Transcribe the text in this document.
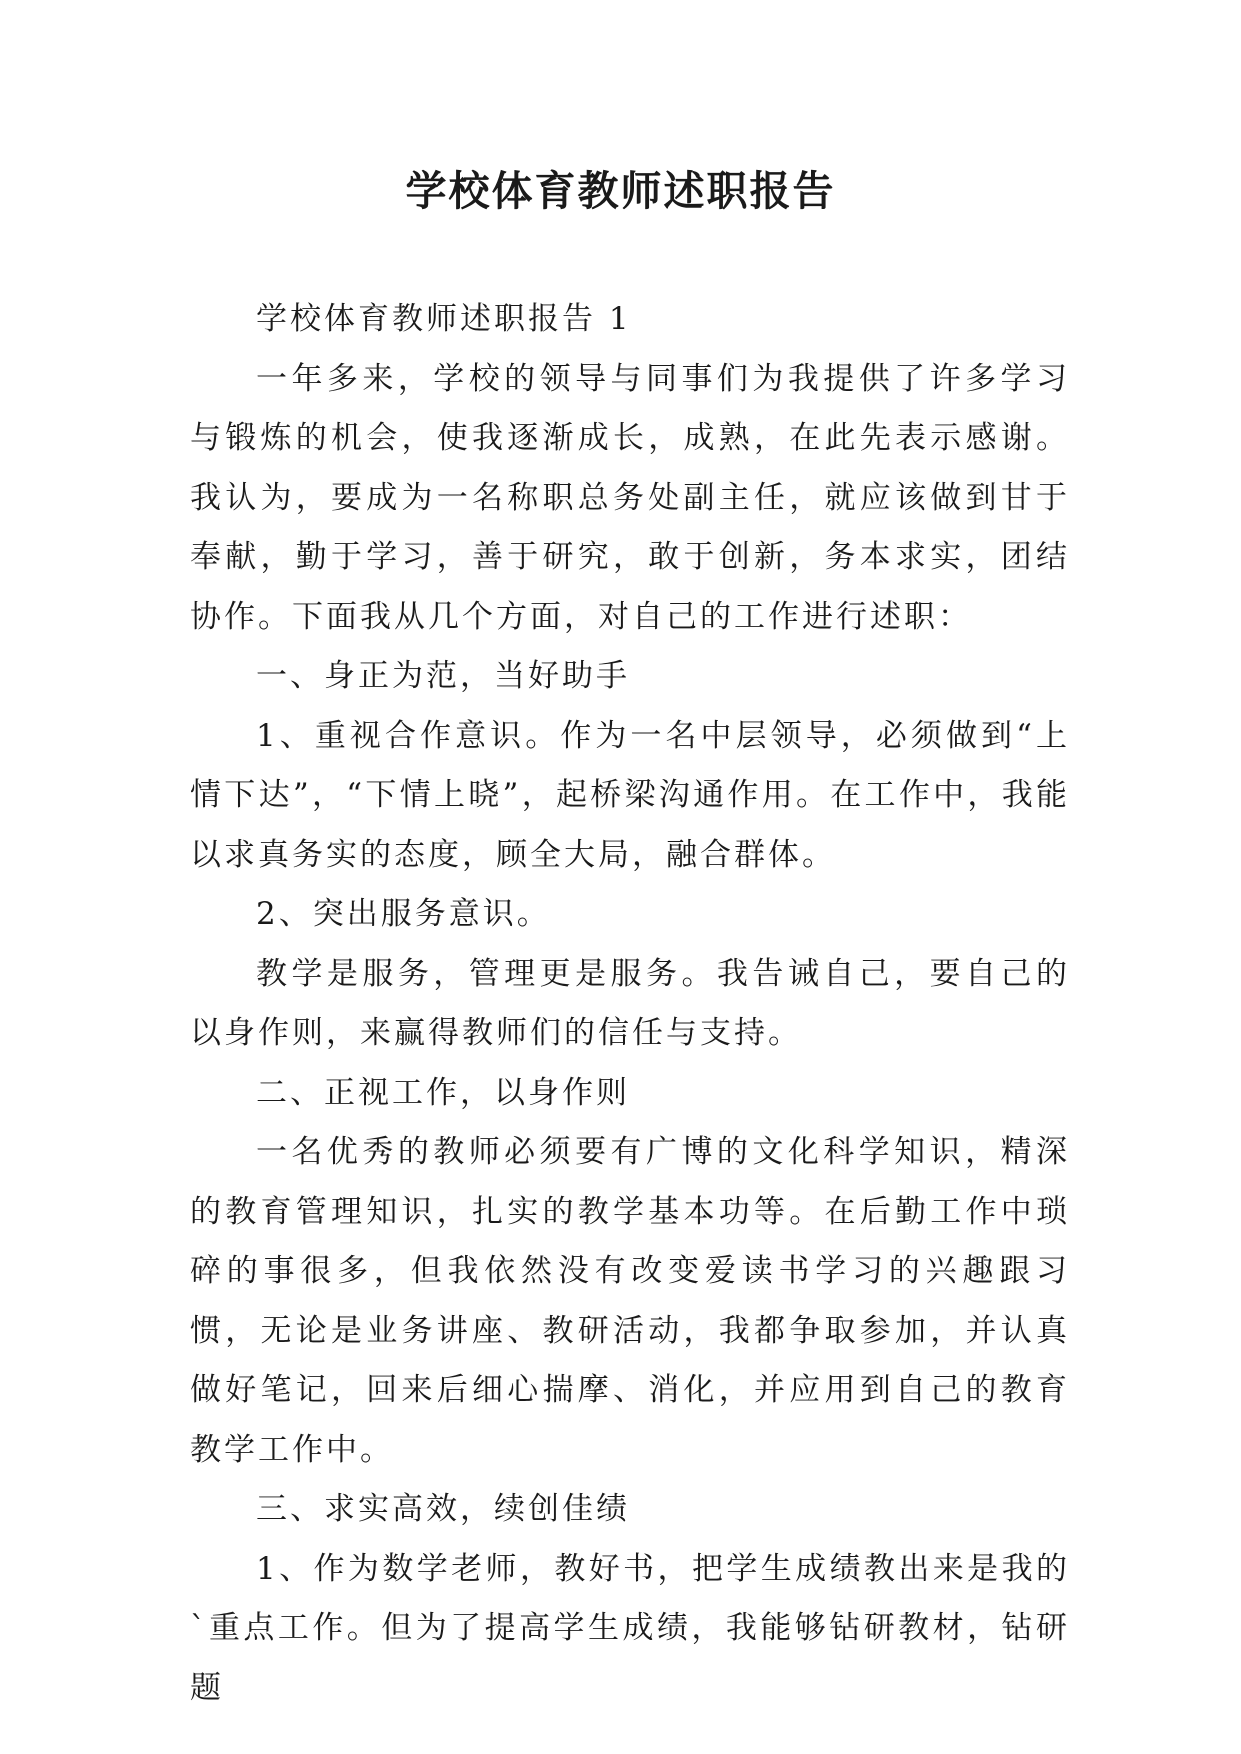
学校体育教师述职报告

学校体育教师述职报告 1

一年多来，学校的领导与同事们为我提供了许多学习与锻炼的机会，使我逐渐成长，成熟，在此先表示感谢。我认为，要成为一名称职总务处副主任，就应该做到甘于奉献，勤于学习，善于研究，敢于创新，务本求实，团结协作。下面我从几个方面，对自己的工作进行述职：

一、身正为范，当好助手

1、重视合作意识。作为一名中层领导，必须做到“上情下达”，“下情上晓”，起桥梁沟通作用。在工作中，我能以求真务实的态度，顾全大局，融合群体。

2、突出服务意识。

教学是服务，管理更是服务。我告诫自己，要自己的以身作则，来赢得教师们的信任与支持。

二、正视工作，以身作则

一名优秀的教师必须要有广博的文化科学知识，精深的教育管理知识，扎实的教学基本功等。在后勤工作中琐碎的事很多，但我依然没有改变爱读书学习的兴趣跟习惯，无论是业务讲座、教研活动，我都争取参加，并认真做好笔记，回来后细心揣摩、消化，并应用到自己的教育教学工作中。

三、求实高效，续创佳绩

1、作为数学老师，教好书，把学生成绩教出来是我的`重点工作。但为了提高学生成绩，我能够钻研教材，钻研题
